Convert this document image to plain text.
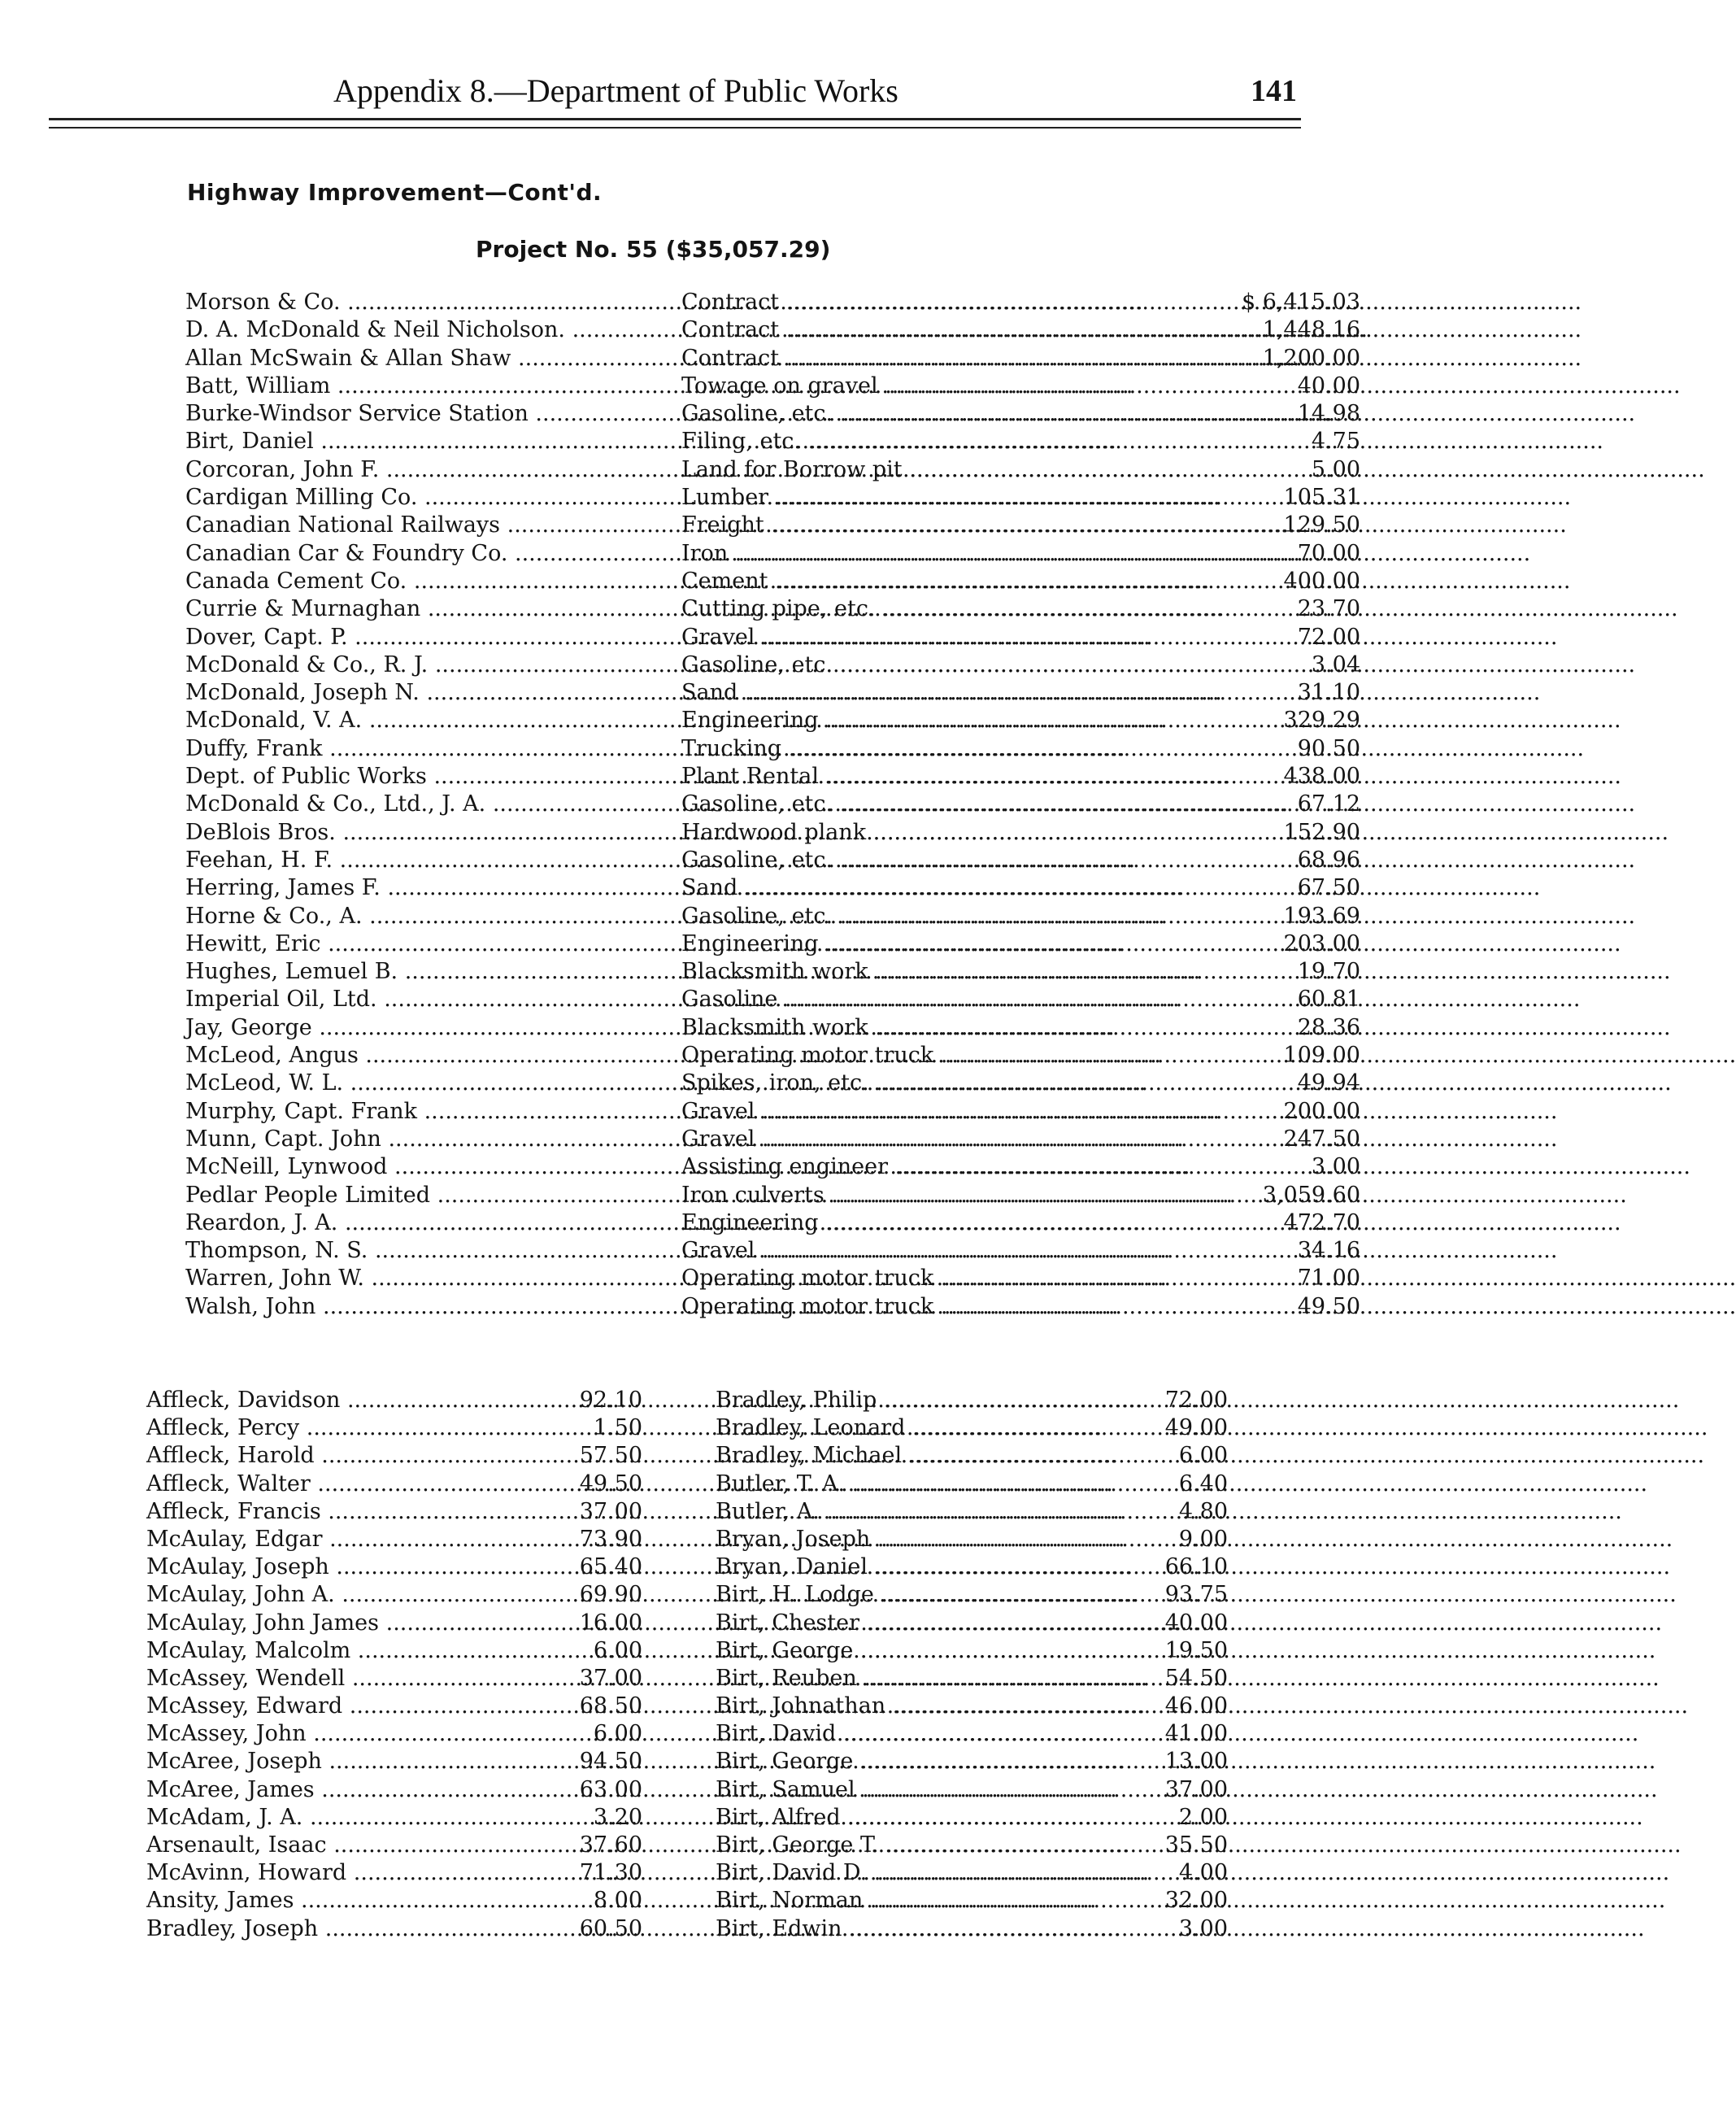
Appendix 8.—Department of Public Works	141
Highway Improvement—Cont'd.
Project No. 55 ($35,057.29)
Morson & Co. .....	Contract .....	$ 6,415.03
D. A. McDonald & Neil Nicholson. .....	Contract .....	1,448.16
Allan McSwain & Allan Shaw .....	Contract .....	1,200.00
Batt, William .....	Towage on gravel .....	40.00
Burke-Windsor Service Station .....	Gasoline, etc. .....	14.98
Birt, Daniel .....	Filing, etc. .....	4.75
Corcoran, John F. .....	Land for Borrow pit .....	5.00
Cardigan Milling Co. .....	Lumber .....	105.31
Canadian National Railways .....	Freight .....	129.50
Canadian Car & Foundry Co. .....	Iron .....	70.00
Canada Cement Co. .....	Cement .....	400.00
Currie & Murnaghan .....	Cutting pipe, etc. .....	23.70
Dover, Capt. P. .....	Gravel .....	72.00
McDonald & Co., R. J. .....	Gasoline, etc. .....	3.04
McDonald, Joseph N. .....	Sand .....	31.10
McDonald, V. A. .....	Engineering .....	329.29
Duffy, Frank .....	Trucking .....	90.50
Dept. of Public Works .....	Plant Rental .....	438.00
McDonald & Co., Ltd., J. A. .....	Gasoline, etc. .....	67.12
DeBlois Bros. .....	Hardwood plank .....	152.90
Feehan, H. F. .....	Gasoline, etc. .....	68.96
Herring, James F. .....	Sand .....	67.50
Horne & Co., A. .....	Gasoline, etc. .....	193.69
Hewitt, Eric .....	Engineering .....	203.00
Hughes, Lemuel B. .....	Blacksmith work .....	19.70
Imperial Oil, Ltd. .....	Gasoline .....	60.81
Jay, George .....	Blacksmith work .....	28.36
McLeod, Angus .....	Operating motor truck .....	109.00
McLeod, W. L. .....	Spikes, iron, etc. .....	49.94
Murphy, Capt. Frank .....	Gravel .....	200.00
Munn, Capt. John .....	Gravel .....	247.50
McNeill, Lynwood .....	Assisting engineer .....	3.00
Pedlar People Limited .....	Iron culverts .....	3,059.60
Reardon, J. A. .....	Engineering .....	472.70
Thompson, N. S. .....	Gravel .....	34.16
Warren, John W. .....	Operating motor truck .....	71.00
Walsh, John .....	Operating motor truck .....	49.50
Affleck, Davidson .....	92.10
Affleck, Percy .....	1.50
Affleck, Harold .....	57.50
Affleck, Walter .....	49.50
Affleck, Francis .....	37.00
McAulay, Edgar .....	73.90
McAulay, Joseph .....	65.40
McAulay, John A. .....	69.90
McAulay, John James .....	16.00
McAulay, Malcolm .....	6.00
McAssey, Wendell .....	37.00
McAssey, Edward .....	68.50
McAssey, John .....	6.00
McAree, Joseph .....	94.50
McAree, James .....	63.00
McAdam, J. A. .....	3.20
Arsenault, Isaac .....	37.60
McAvinn, Howard .....	71.30
Ansity, James .....	8.00
Bradley, Joseph .....	60.50
Bradley, Philip .....	72.00
Bradley, Leonard .....	49.00
Bradley, Michael .....	6.00
Butler, T. A. .....	6.40
Butler, A. .....	4.80
Bryan, Joseph .....	9.00
Bryan, Daniel .....	66.10
Birt, H. Lodge .....	93.75
Birt, Chester .....	40.00
Birt, George .....	19.50
Birt, Reuben .....	54.50
Birt, Johnathan .....	46.00
Birt, David .....	41.00
Birt, George .....	13.00
Birt, Samuel .....	37.00
Birt, Alfred .....	2.00
Birt, George T. .....	35.50
Birt, David D. .....	4.00
Birt, Norman .....	32.00
Birt, Edwin .....	3.00
